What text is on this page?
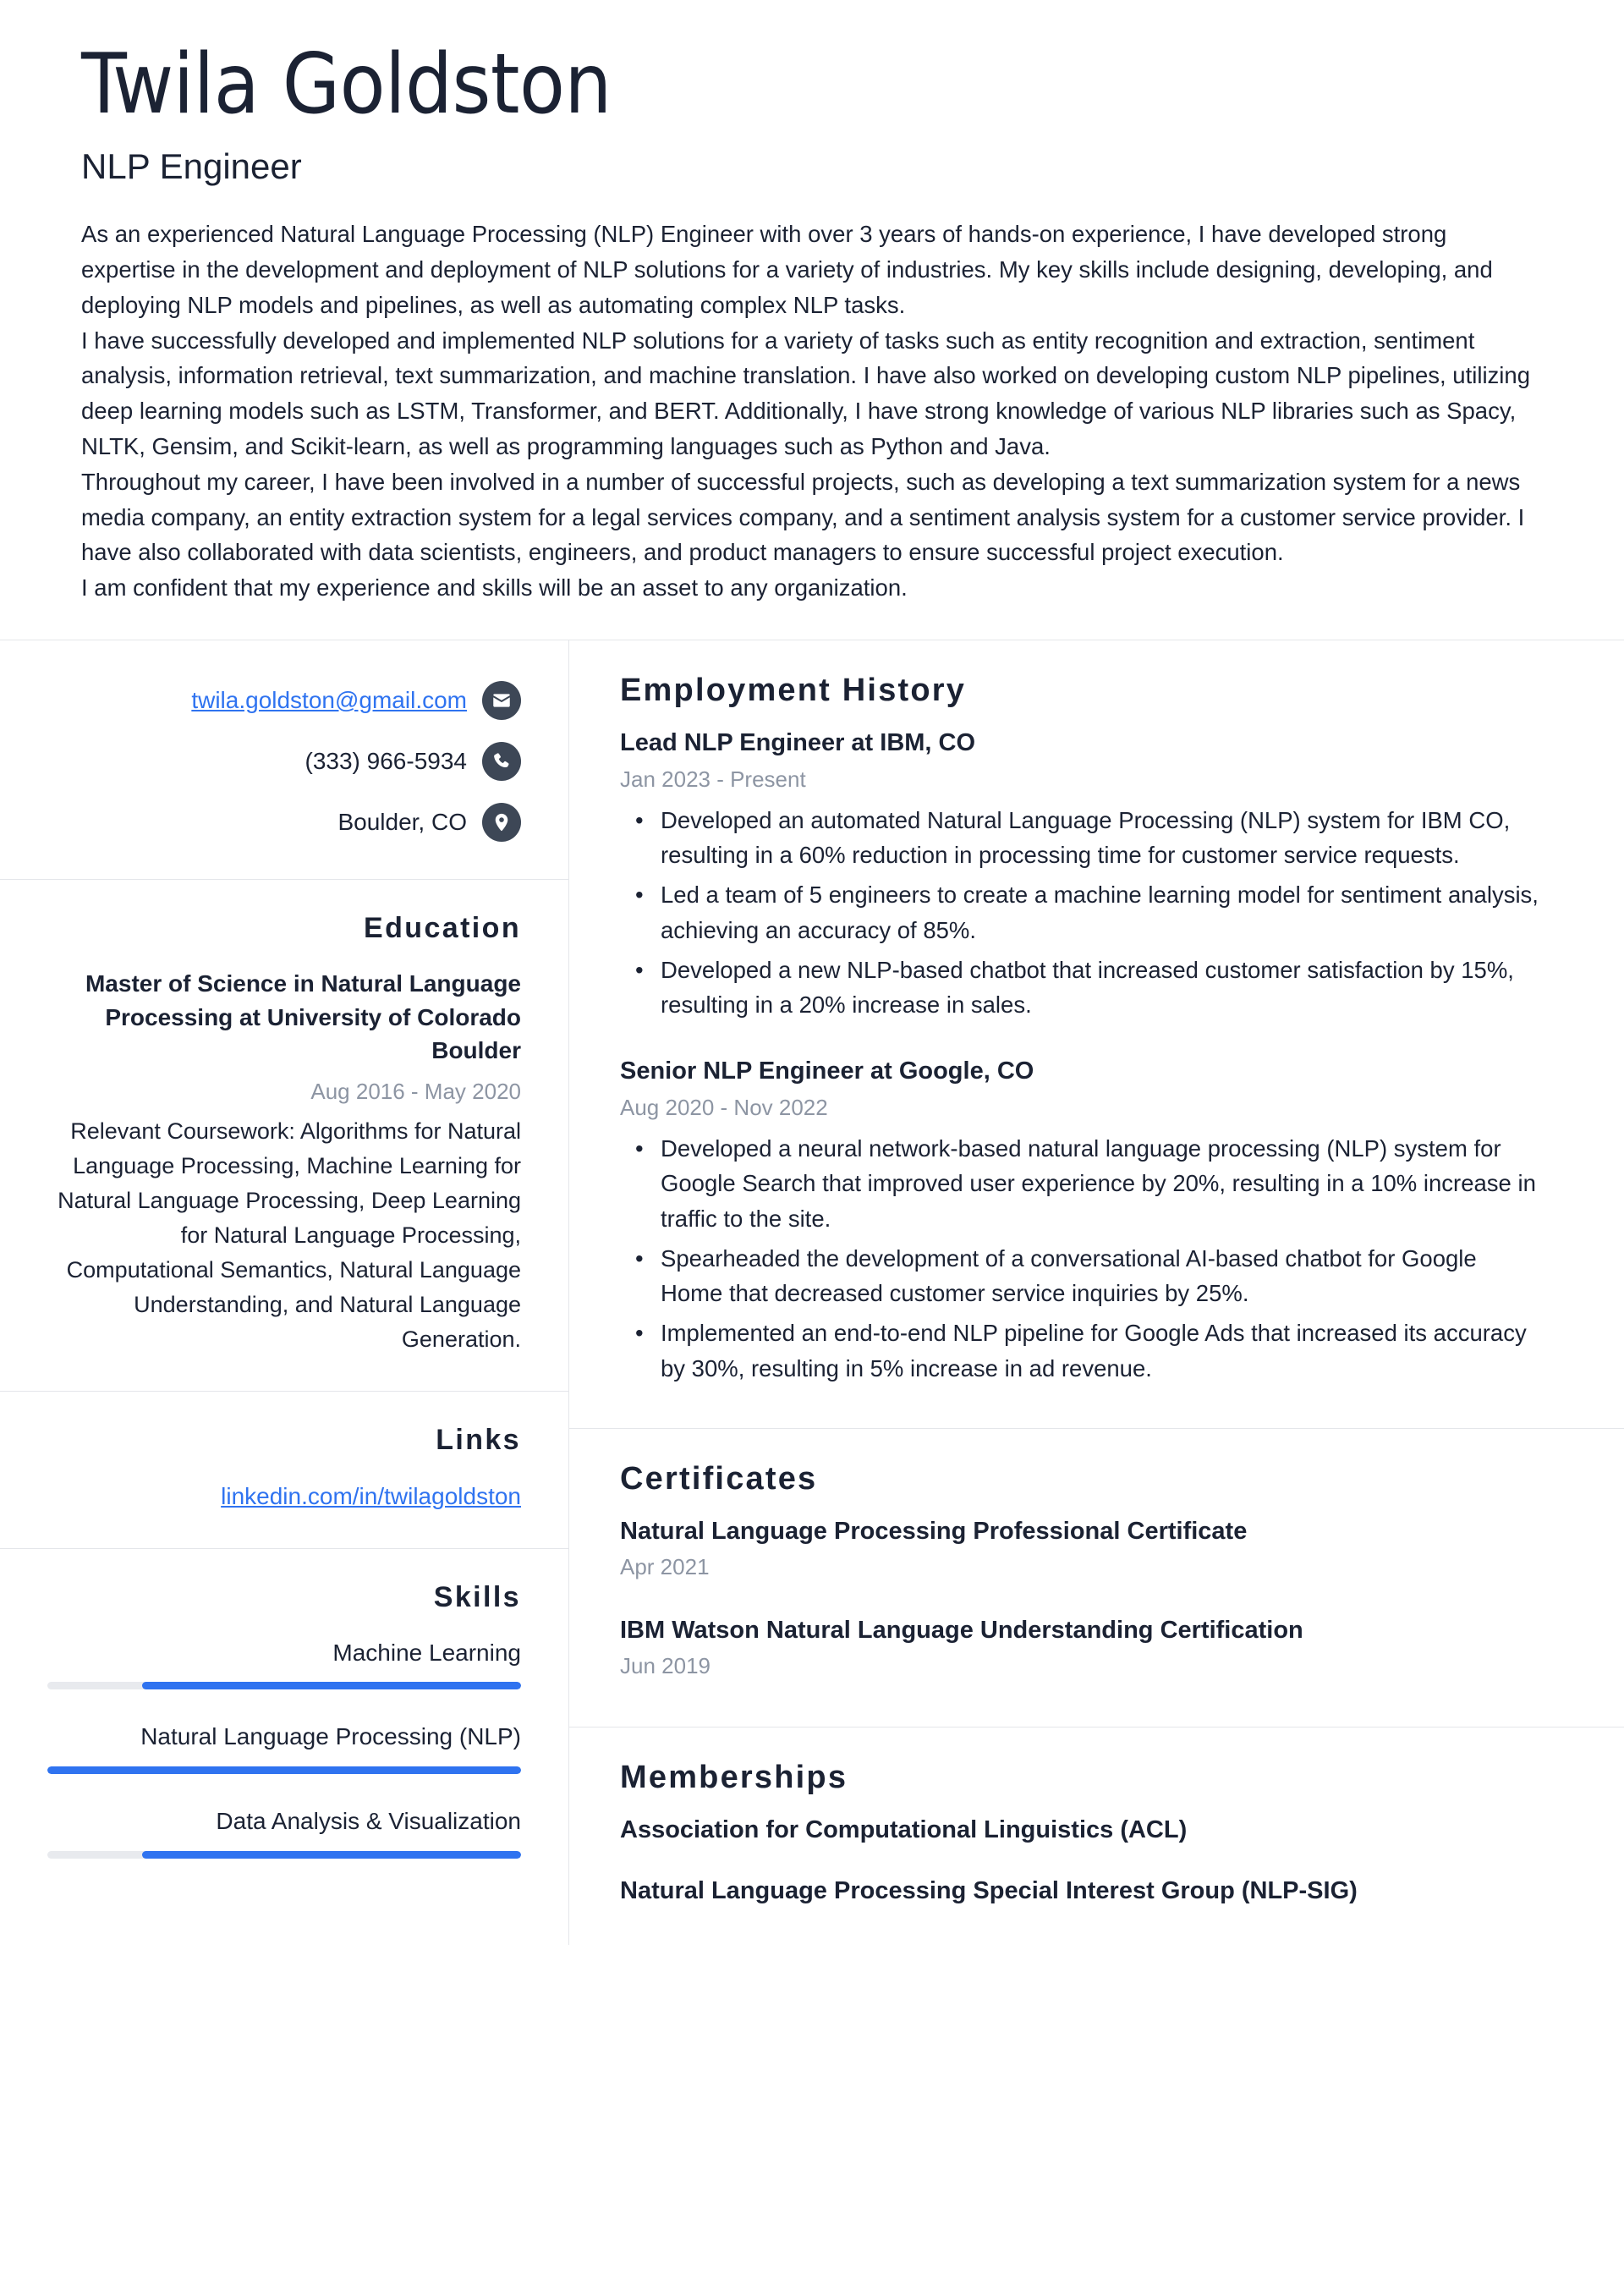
Twila Goldston
NLP Engineer

As an experienced Natural Language Processing (NLP) Engineer with over 3 years of hands-on experience, I have developed strong expertise in the development and deployment of NLP solutions for a variety of industries. My key skills include designing, developing, and deploying NLP models and pipelines, as well as automating complex NLP tasks.

I have successfully developed and implemented NLP solutions for a variety of tasks such as entity recognition and extraction, sentiment analysis, information retrieval, text summarization, and machine translation. I have also worked on developing custom NLP pipelines, utilizing deep learning models such as LSTM, Transformer, and BERT. Additionally, I have strong knowledge of various NLP libraries such as Spacy, NLTK, Gensim, and Scikit-learn, as well as programming languages such as Python and Java.

Throughout my career, I have been involved in a number of successful projects, such as developing a text summarization system for a news media company, an entity extraction system for a legal services company, and a sentiment analysis system for a customer service provider. I have also collaborated with data scientists, engineers, and product managers to ensure successful project execution.

I am confident that my experience and skills will be an asset to any organization.

twila.goldston@gmail.com
(333) 966-5934
Boulder, CO
Education
Master of Science in Natural Language Processing at University of Colorado Boulder
Aug 2016 - May 2020
Relevant Coursework: Algorithms for Natural Language Processing, Machine Learning for Natural Language Processing, Deep Learning for Natural Language Processing, Computational Semantics, Natural Language Understanding, and Natural Language Generation.
Links
linkedin.com/in/twilagoldston
Skills
Machine Learning
Natural Language Processing (NLP)
Data Analysis & Visualization
Employment History
Lead NLP Engineer at IBM, CO
Jan 2023 - Present
• Developed an automated Natural Language Processing (NLP) system for IBM CO, resulting in a 60% reduction in processing time for customer service requests.
• Led a team of 5 engineers to create a machine learning model for sentiment analysis, achieving an accuracy of 85%.
• Developed a new NLP-based chatbot that increased customer satisfaction by 15%, resulting in a 20% increase in sales.
Senior NLP Engineer at Google, CO
Aug 2020 - Nov 2022
• Developed a neural network-based natural language processing (NLP) system for Google Search that improved user experience by 20%, resulting in a 10% increase in traffic to the site.
• Spearheaded the development of a conversational AI-based chatbot for Google Home that decreased customer service inquiries by 25%.
• Implemented an end-to-end NLP pipeline for Google Ads that increased its accuracy by 30%, resulting in 5% increase in ad revenue.
Certificates
Natural Language Processing Professional Certificate
Apr 2021
IBM Watson Natural Language Understanding Certification
Jun 2019
Memberships
Association for Computational Linguistics (ACL)
Natural Language Processing Special Interest Group (NLP-SIG)
